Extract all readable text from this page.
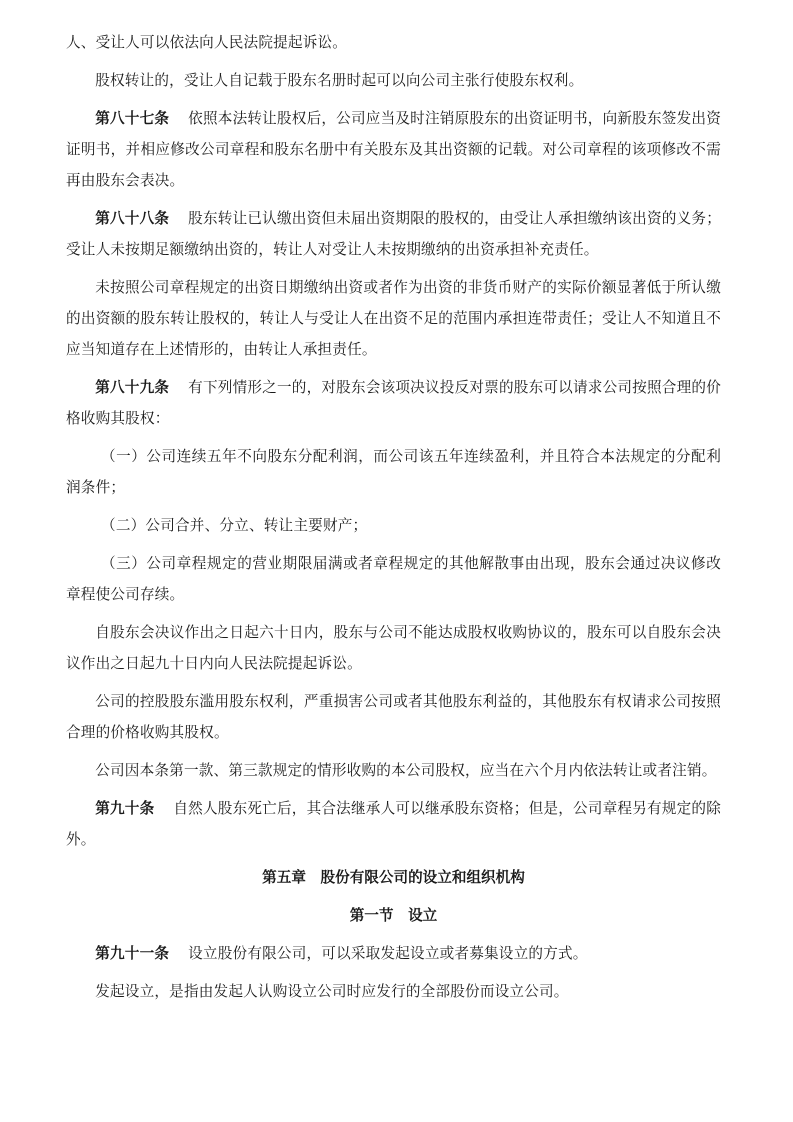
人、受让人可以依法向人民法院提起诉讼。

股权转让的，受让人自记载于股东名册时起可以向公司主张行使股东权利。

第八十七条 依照本法转让股权后，公司应当及时注销原股东的出资证明书，向新股东签发出资证明书，并相应修改公司章程和股东名册中有关股东及其出资额的记载。对公司章程的该项修改不需再由股东会表决。

第八十八条 股东转让已认缴出资但未届出资期限的股权的，由受让人承担缴纳该出资的义务；受让人未按期足额缴纳出资的，转让人对受让人未按期缴纳的出资承担补充责任。

未按照公司章程规定的出资日期缴纳出资或者作为出资的非货币财产的实际价额显著低于所认缴的出资额的股东转让股权的，转让人与受让人在出资不足的范围内承担连带责任；受让人不知道且不应当知道存在上述情形的，由转让人承担责任。

第八十九条 有下列情形之一的，对股东会该项决议投反对票的股东可以请求公司按照合理的价格收购其股权：

（一）公司连续五年不向股东分配利润，而公司该五年连续盈利，并且符合本法规定的分配利润条件；

（二）公司合并、分立、转让主要财产；

（三）公司章程规定的营业期限届满或者章程规定的其他解散事由出现，股东会通过决议修改章程使公司存续。

自股东会决议作出之日起六十日内，股东与公司不能达成股权收购协议的，股东可以自股东会决议作出之日起九十日内向人民法院提起诉讼。

公司的控股股东滥用股东权利，严重损害公司或者其他股东利益的，其他股东有权请求公司按照合理的价格收购其股权。

公司因本条第一款、第三款规定的情形收购的本公司股权，应当在六个月内依法转让或者注销。

第九十条 自然人股东死亡后，其合法继承人可以继承股东资格；但是，公司章程另有规定的除外。

第五章　股份有限公司的设立和组织机构
第一节　设立

第九十一条 设立股份有限公司，可以采取发起设立或者募集设立的方式。

发起设立，是指由发起人认购设立公司时应发行的全部股份而设立公司。
